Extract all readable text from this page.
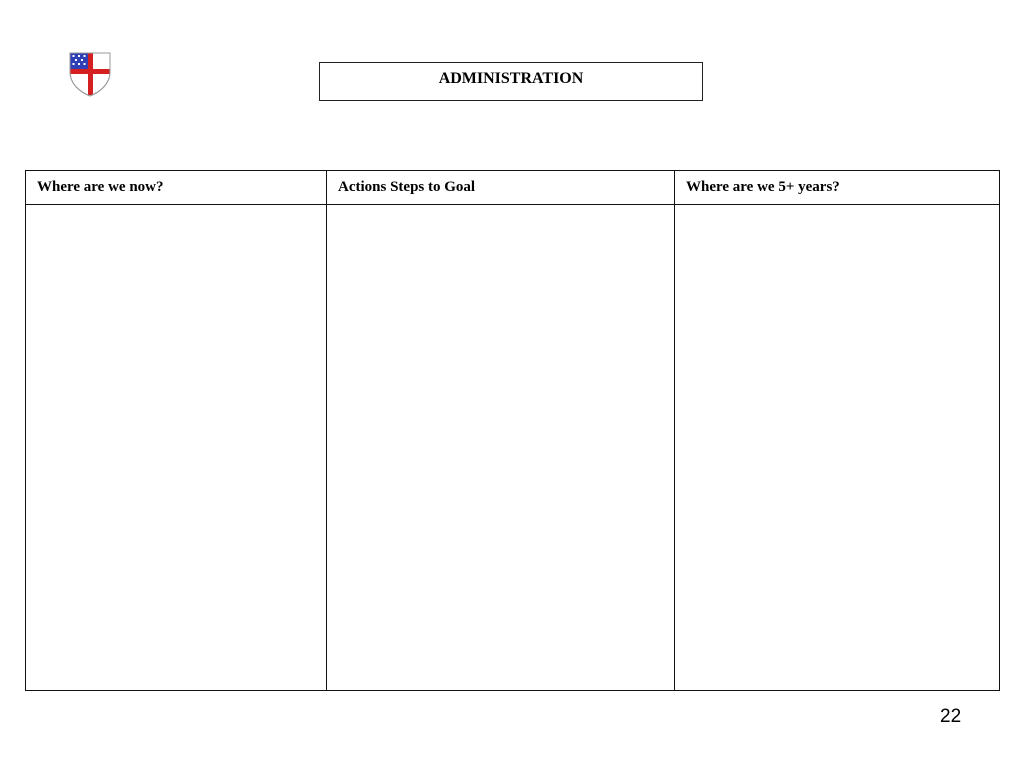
ADMINISTRATION
Where are we now?	Actions Steps to Goal	Where are we 5+ years?

22
